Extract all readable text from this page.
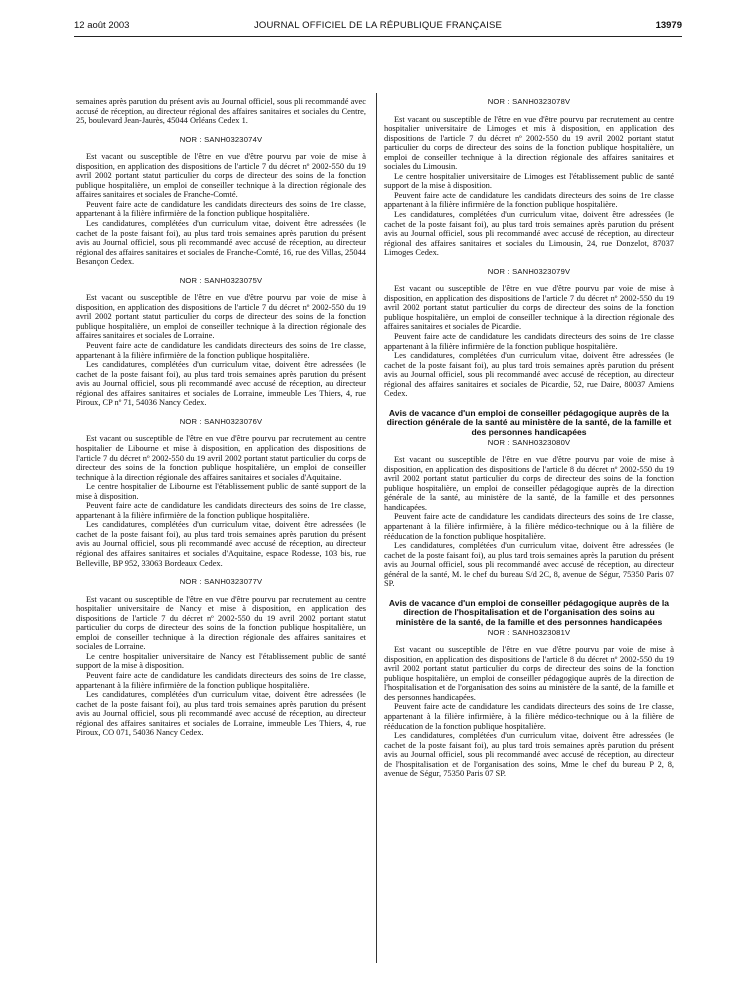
12 août 2003	JOURNAL OFFICIEL DE LA RÉPUBLIQUE FRANÇAISE	13979

semaines après parution du présent avis au Journal officiel, sous pli recommandé avec accusé de réception, au directeur régional des affaires sanitaires et sociales du Centre, 25, boulevard Jean-Jaurès, 45044 Orléans Cedex 1.

NOR : SANH0323074V

Est vacant ou susceptible de l'être en vue d'être pourvu par voie de mise à disposition, en application des dispositions de l'article 7 du décret nº 2002-550 du 19 avril 2002 portant statut particulier du corps de directeur des soins de la fonction publique hospitalière, un emploi de conseiller technique à la direction régionale des affaires sanitaires et sociales de Franche-Comté.

Peuvent faire acte de candidature les candidats directeurs des soins de 1re classe, appartenant à la filière infirmière de la fonction publique hospitalière.

Les candidatures, complétées d'un curriculum vitae, doivent être adressées (le cachet de la poste faisant foi), au plus tard trois semaines après parution du présent avis au Journal officiel, sous pli recommandé avec accusé de réception, au directeur régional des affaires sanitaires et sociales de Franche-Comté, 16, rue des Villas, 25044 Besançon Cedex.

NOR : SANH0323075V

Est vacant ou susceptible de l'être en vue d'être pourvu par voie de mise à disposition, en application des dispositions de l'article 7 du décret nº 2002-550 du 19 avril 2002 portant statut particulier du corps de directeur des soins de la fonction publique hospitalière, un emploi de conseiller technique à la direction régionale des affaires sanitaires et sociales de Lorraine.

Peuvent faire acte de candidature les candidats directeurs des soins de 1re classe, appartenant à la filière infirmière de la fonction publique hospitalière.

Les candidatures, complétées d'un curriculum vitae, doivent être adressées (le cachet de la poste faisant foi), au plus tard trois semaines après parution du présent avis au Journal officiel, sous pli recommandé avec accusé de réception, au directeur régional des affaires sanitaires et sociales de Lorraine, immeuble Les Thiers, 4, rue Piroux, CP nº 71, 54036 Nancy Cedex.

NOR : SANH0323076V

Est vacant ou susceptible de l'être en vue d'être pourvu par recrutement au centre hospitalier de Libourne et mise à disposition, en application des dispositions de l'article 7 du décret nº 2002-550 du 19 avril 2002 portant statut particulier du corps de directeur des soins de la fonction publique hospitalière, un emploi de conseiller technique à la direction régionale des affaires sanitaires et sociales d'Aquitaine.

Le centre hospitalier de Libourne est l'établissement public de santé support de la mise à disposition.

Peuvent faire acte de candidature les candidats directeurs des soins de 1re classe, appartenant à la filière infirmière de la fonction publique hospitalière.

Les candidatures, complétées d'un curriculum vitae, doivent être adressées (le cachet de la poste faisant foi), au plus tard trois semaines après parution du présent avis au Journal officiel, sous pli recommandé avec accusé de réception, au directeur régional des affaires sanitaires et sociales d'Aquitaine, espace Rodesse, 103 bis, rue Belleville, BP 952, 33063 Bordeaux Cedex.

NOR : SANH0323077V

Est vacant ou susceptible de l'être en vue d'être pourvu par recrutement au centre hospitalier universitaire de Nancy et mise à disposition, en application des dispositions de l'article 7 du décret nº 2002-550 du 19 avril 2002 portant statut particulier du corps de directeur des soins de la fonction publique hospitalière, un emploi de conseiller technique à la direction régionale des affaires sanitaires et sociales de Lorraine.

Le centre hospitalier universitaire de Nancy est l'établissement public de santé support de la mise à disposition.

Peuvent faire acte de candidature les candidats directeurs des soins de 1re classe, appartenant à la filière infirmière de la fonction publique hospitalière.

Les candidatures, complétées d'un curriculum vitae, doivent être adressées (le cachet de la poste faisant foi), au plus tard trois semaines après parution du présent avis au Journal officiel, sous pli recommandé avec accusé de réception, au directeur régional des affaires sanitaires et sociales de Lorraine, immeuble Les Thiers, 4, rue Piroux, CO 071, 54036 Nancy Cedex.

NOR : SANH0323078V

Est vacant ou susceptible de l'être en vue d'être pourvu par recrutement au centre hospitalier universitaire de Limoges et mis à disposition, en application des dispositions de l'article 7 du décret nº 2002-550 du 19 avril 2002 portant statut particulier du corps de directeur des soins de la fonction publique hospitalière, un emploi de conseiller technique à la direction régionale des affaires sanitaires et sociales du Limousin.

Le centre hospitalier universitaire de Limoges est l'établissement public de santé support de la mise à disposition.

Peuvent faire acte de candidature les candidats directeurs des soins de 1re classe appartenant à la filière infirmière de la fonction publique hospitalière.

Les candidatures, complétées d'un curriculum vitae, doivent être adressées (le cachet de la poste faisant foi), au plus tard trois semaines après parution du présent avis au Journal officiel, sous pli recommandé avec accusé de réception, au directeur régional des affaires sanitaires et sociales du Limousin, 24, rue Donzelot, 87037 Limoges Cedex.

NOR : SANH0323079V

Est vacant ou susceptible de l'être en vue d'être pourvu par voie de mise à disposition, en application des dispositions de l'article 7 du décret nº 2002-550 du 19 avril 2002 portant statut particulier du corps de directeur des soins de la fonction publique hospitalière, un emploi de conseiller technique à la direction régionale des affaires sanitaires et sociales de Picardie.

Peuvent faire acte de candidature les candidats directeurs des soins de 1re classe appartenant à la filière infirmière de la fonction publique hospitalière.

Les candidatures, complétées d'un curriculum vitae, doivent être adressées (le cachet de la poste faisant foi), au plus tard trois semaines après parution du présent avis au Journal officiel, sous pli recommandé avec accusé de réception, au directeur régional des affaires sanitaires et sociales de Picardie, 52, rue Daire, 80037 Amiens Cedex.

Avis de vacance d'un emploi de conseiller pédagogique auprès de la direction générale de la santé au ministère de la santé, de la famille et des personnes handicapées
NOR : SANH0323080V

Est vacant ou susceptible de l'être en vue d'être pourvu par voie de mise à disposition, en application des dispositions de l'article 8 du décret nº 2002-550 du 19 avril 2002 portant statut particulier du corps de directeur des soins de la fonction publique hospitalière, un emploi de conseiller pédagogique auprès de la direction générale de la santé, au ministère de la santé, de la famille et des personnes handicapées.

Peuvent faire acte de candidature les candidats directeurs des soins de 1re classe, appartenant à la filière infirmière, à la filière médico-technique ou à la filière de rééducation de la fonction publique hospitalière.

Les candidatures, complétées d'un curriculum vitae, doivent être adressées (le cachet de la poste faisant foi), au plus tard trois semaines après la parution du présent avis au Journal officiel, sous pli recommandé avec accusé de réception, au directeur général de la santé, M. le chef du bureau S/d 2C, 8, avenue de Ségur, 75350 Paris 07 SP.

Avis de vacance d'un emploi de conseiller pédagogique auprès de la direction de l'hospitalisation et de l'organisation des soins au ministère de la santé, de la famille et des personnes handicapées
NOR : SANH0323081V

Est vacant ou susceptible de l'être en vue d'être pourvu par voie de mise à disposition, en application des dispositions de l'article 8 du décret nº 2002-550 du 19 avril 2002 portant statut particulier du corps de directeur des soins de la fonction publique hospitalière, un emploi de conseiller pédagogique auprès de la direction de l'hospitalisation et de l'organisation des soins au ministère de la santé, de la famille et des personnes handicapées.

Peuvent faire acte de candidature les candidats directeurs des soins de 1re classe, appartenant à la filière infirmière, à la filière médico-technique ou à la filière de rééducation de la fonction publique hospitalière.

Les candidatures, complétées d'un curriculum vitae, doivent être adressées (le cachet de la poste faisant foi), au plus tard trois semaines après parution du présent avis au Journal officiel, sous pli recommandé avec accusé de réception, au directeur de l'hospitalisation et de l'organisation des soins, Mme le chef du bureau P 2, 8, avenue de Ségur, 75350 Paris 07 SP.
